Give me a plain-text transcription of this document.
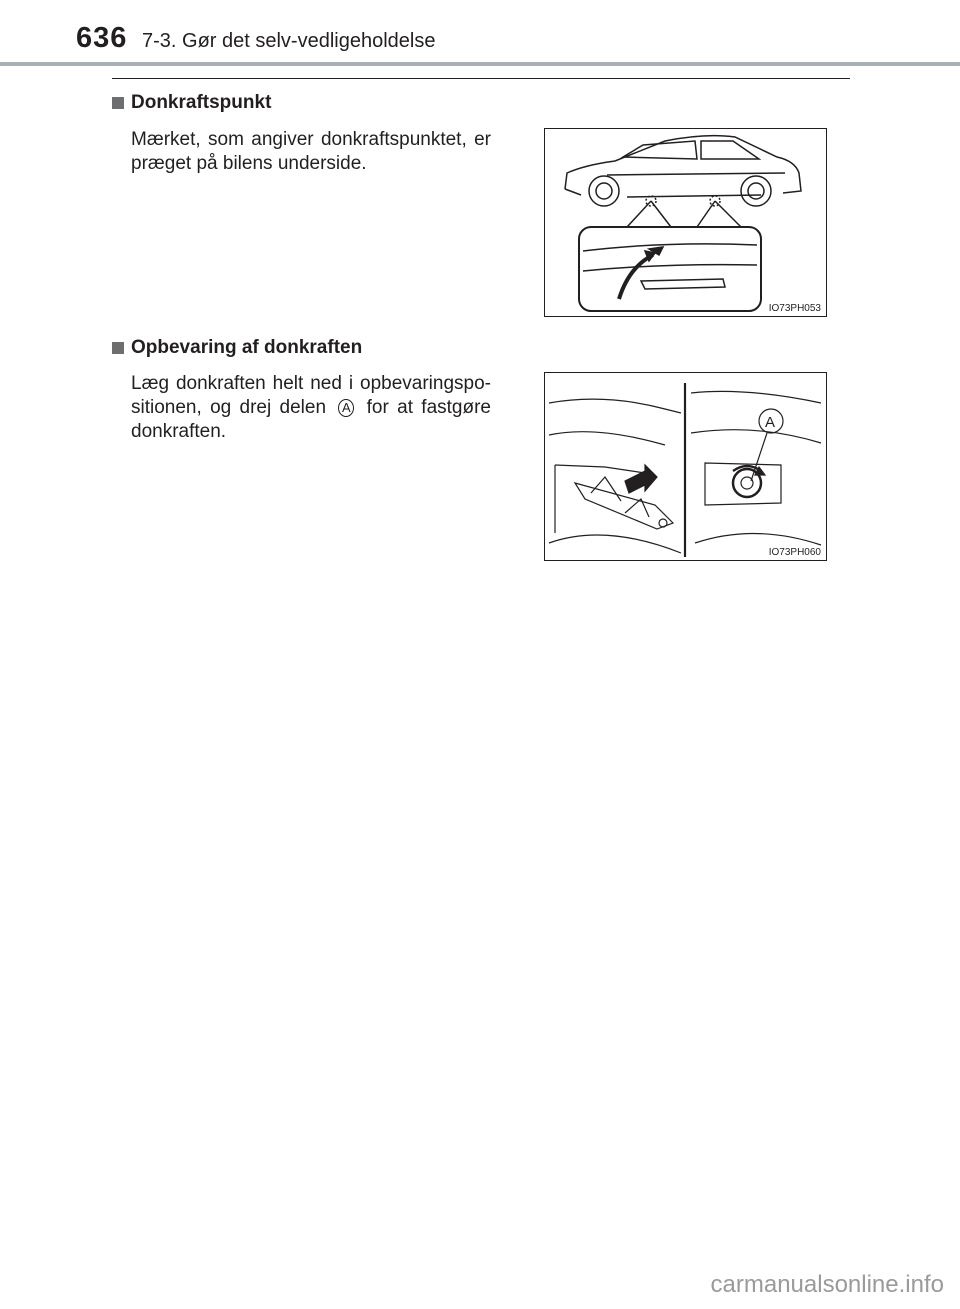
636 7-3. Gør det selv-vedligeholdelse
Donkraftspunkt
Mærket, som angiver donkraftspunktet, er præget på bilens underside.
IO73PH053
Opbevaring af donkraften
Læg donkraften helt ned i opbevaringspo-sitionen, og drej delen A for at fastgøre donkraften.	A
IO73PH060
carmanualsonline.info
